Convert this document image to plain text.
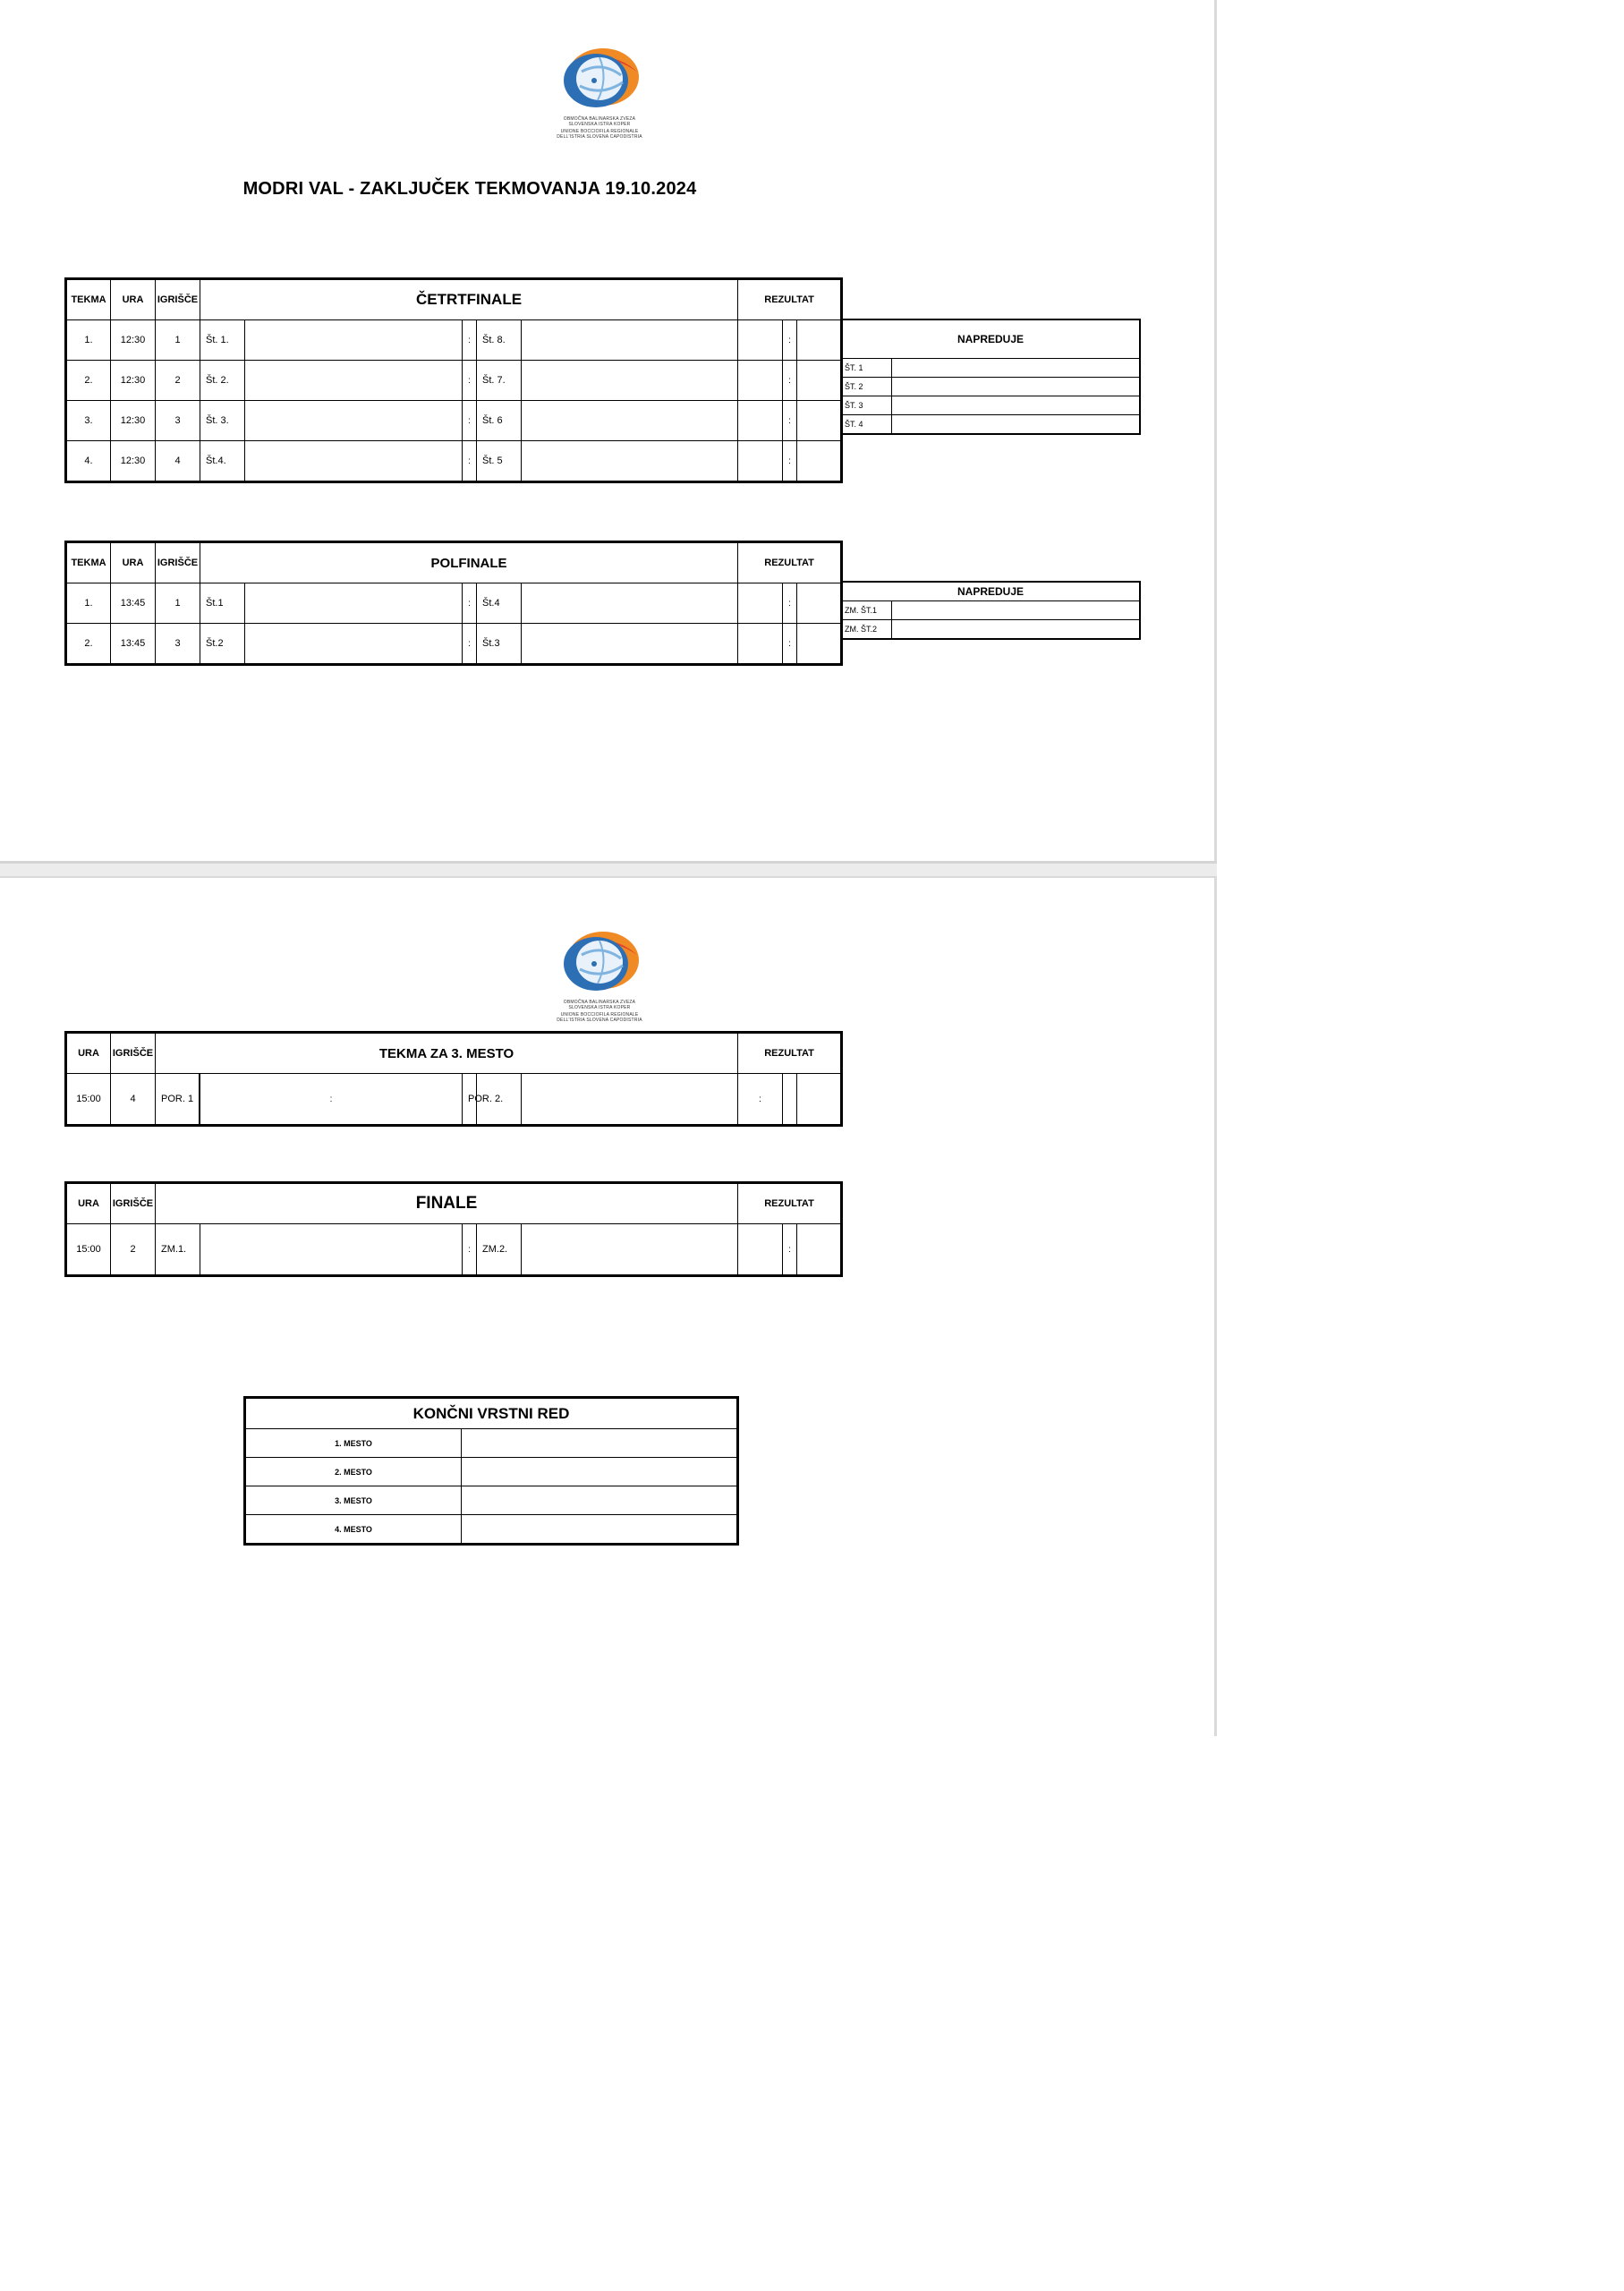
OBMOČNA BALINARSKA ZVEZA
SLOVENSKA ISTRA KOPER
UNIONE BOCCIOFILA REGIONALE
DELL'ISTRIA SLOVENA CAPODISTRIA
MODRI VAL - ZAKLJUČEK TEKMOVANJA 19.10.2024
TEKMA	URA	IGRIŠČE	ČETRTFINALE					REZULTAT		
1.	12:30	1	Št. 1.		:	Št. 8.			:	
2.	12:30	2	Št. 2.		:	Št. 7.			:	
3.	12:30	3	Št. 3.		:	Št. 6			:	
4.	12:30	4	Št.4.		:	Št. 5			:	
NAPREDUJE	
ŠT. 1	
ŠT. 2	
ŠT. 3	
ŠT. 4	
TEKMA	URA	IGRIŠČE	POLFINALE					REZULTAT		
1.	13:45	1	Št.1		:	Št.4			:	
2.	13:45	3	Št.2		:	Št.3			:	
NAPREDUJE	
ZM. ŠT.1	
ZM. ŠT.2	
OBMOČNA BALINARSKA ZVEZA
SLOVENSKA ISTRA KOPER
UNIONE BOCCIOFILA REGIONALE
DELL'ISTRIA SLOVENA CAPODISTRIA
URA	IGRIŠČE	TEKMA ZA 3. MESTO					REZULTAT	
15:00	4	POR. 1	:	POR. 2.			:	
URA	IGRIŠČE	FINALE					REZULTAT		
15:00	2	ZM.1.		:	ZM.2.			:	
KONČNI VRSTNI RED	
1. MESTO	
2. MESTO	
3. MESTO	
4. MESTO	
